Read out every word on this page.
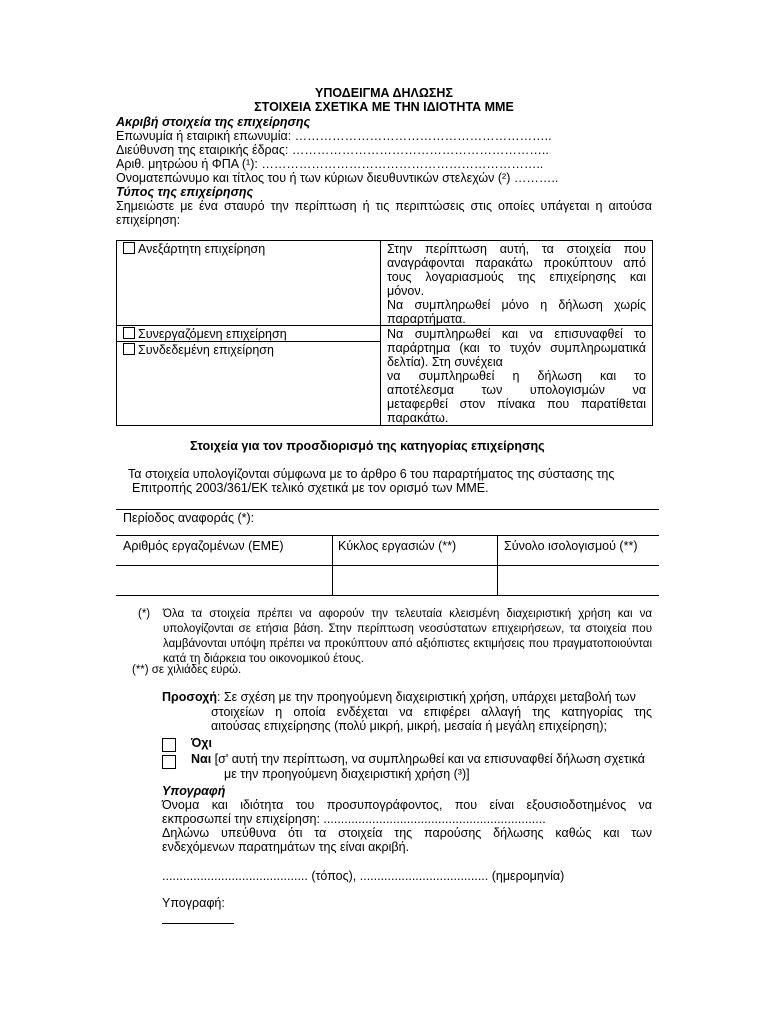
ΥΠΟΔΕΙΓΜΑ ΔΗΛΩΣΗΣ
ΣΤΟΙΧΕΙΑ ΣΧΕΤΙΚΑ ΜΕ ΤΗΝ ΙΔΙΟΤΗΤΑ ΜΜΕ
Ακριβή στοιχεία της επιχείρησης
Επωνυμία ή εταιρική επωνυμία: ……………………………………………………..
Διεύθυνση της εταιρικής έδρας: ……………………………………………………..
Αριθ. μητρώου ή ΦΠΑ (¹): …………………………………………………………..
Ονοματεπώνυμο και τίτλος του ή των κύριων διευθυντικών στελεχών (²) ………..
Τύπος της επιχείρησης
Σημειώστε με ένα σταυρό την περίπτωση ή τις περιπτώσεις στις οποίες υπάγεται η αιτούσα
επιχείρηση:
Ανεξάρτητη επιχείρηση
Συνεργαζόμενη επιχείρηση
Συνδεδεμένη επιχείρηση
Στην περίπτωση αυτή, τα στοιχεία που
αναγράφονται παρακάτω προκύπτουν από
τους λογαριασμούς της επιχείρησης και
μόνον.
Να συμπληρωθεί μόνο η δήλωση χωρίς
παραρτήματα.
Να συμπληρωθεί και να επισυναφθεί το
παράρτημα (και το τυχόν συμπληρωματικά
δελτία). Στη συνέχεια
να συμπληρωθεί η δήλωση και το
αποτέλεσμα των υπολογισμών να
μεταφερθεί στον πίνακα που παρατίθεται
παρακάτω.
Στοιχεία για τον προσδιορισμό της κατηγορίας επιχείρησης
Τα στοιχεία υπολογίζονται σύμφωνα με το άρθρο 6 του παραρτήματος της σύστασης της
Επιτροπής 2003/361/ΕΚ τελικό σχετικά με τον ορισμό των ΜΜΕ.
Περίοδος αναφοράς (*):
Αριθμός εργαζομένων (ΕΜΕ)	Κύκλος εργασιών (**)	Σύνολο ισολογισμού (**)
(*) Όλα τα στοιχεία πρέπει να αφορούν την τελευταία κλεισμένη διαχειριστική χρήση και να
υπολογίζονται σε ετήσια βάση. Στην περίπτωση νεοσύστατων επιχειρήσεων, τα στοιχεία που
λαμβάνονται υπόψη πρέπει να προκύπτουν από αξιόπιστες εκτιμήσεις που πραγματοποιούνται
κατά τη διάρκεια του οικονομικού έτους.
(**) σε χιλιάδες ευρώ.
Προσοχή: Σε σχέση με την προηγούμενη διαχειριστική χρήση, υπάρχει μεταβολή των
στοιχείων η οποία ενδέχεται να επιφέρει αλλαγή της κατηγορίας της
αιτούσας επιχείρησης (πολύ μικρή, μικρή, μεσαία ή μεγάλη επιχείρηση);
Όχι
Ναι [σ' αυτή την περίπτωση, να συμπληρωθεί και να επισυναφθεί δήλωση σχετικά
με την προηγούμενη διαχειριστική χρήση (³)]
Υπογραφή
Όνομα και ιδιότητα του προσυπογράφοντος, που είναι εξουσιοδοτημένος να
εκπροσωπεί την επιχείρηση: ................................................................
Δηλώνω υπεύθυνα ότι τα στοιχεία της παρούσης δήλωσης καθώς και των
ενδεχόμενων παρατημάτων της είναι ακριβή.
.......................................... (τόπος), ..................................... (ημερομηνία)
Υπογραφή:
